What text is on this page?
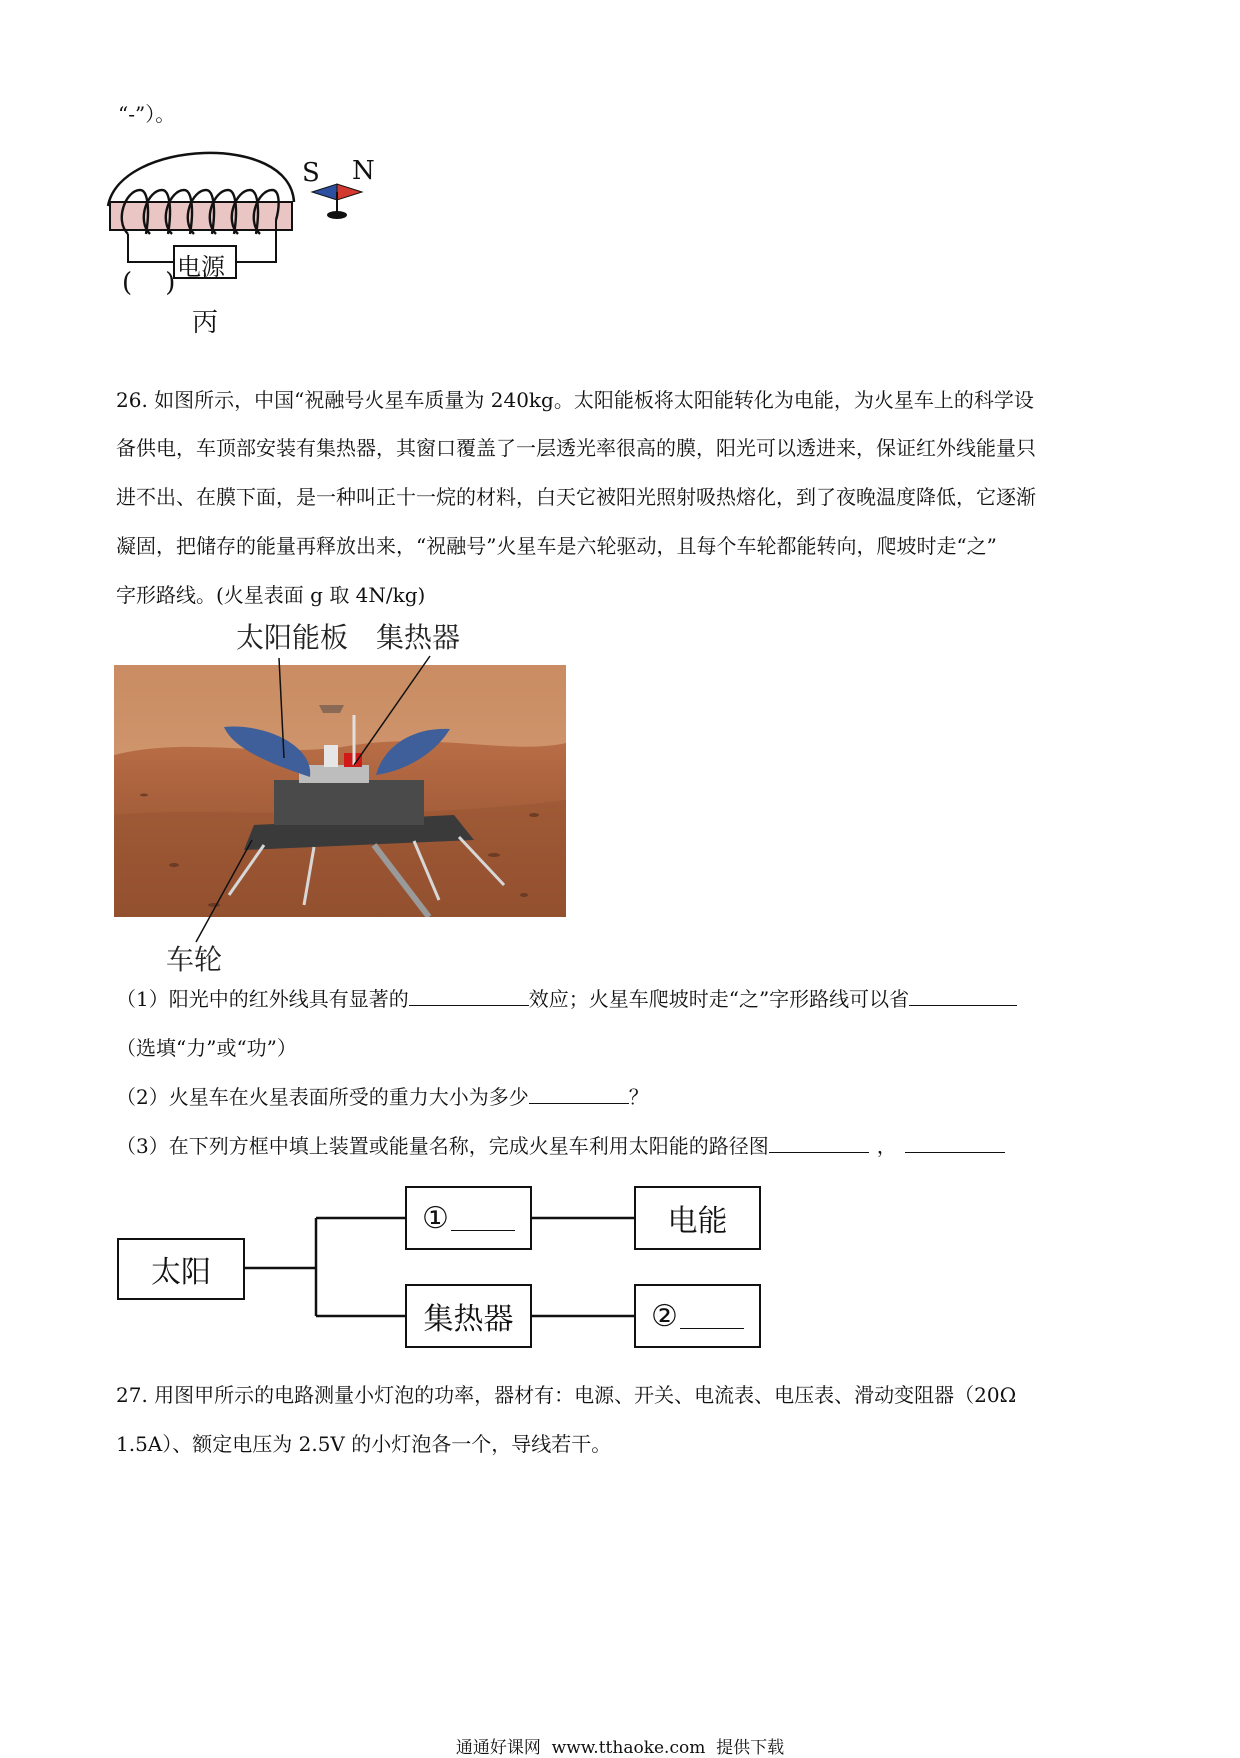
“-”）。
S N
电源
(    )
丙
26. 如图所示，中国“祝融号火星车质量为 240kg。太阳能板将太阳能转化为电能，为火星车上的科学设
备供电，车顶部安装有集热器，其窗口覆盖了一层透光率很高的膜，阳光可以透进来，保证红外线能量只
进不出、在膜下面，是一种叫正十一烷的材料，白天它被阳光照射吸热熔化，到了夜晚温度降低，它逐渐
凝固，把储存的能量再释放出来，“祝融号”火星车是六轮驱动，且每个车轮都能转向，爬坡时走“之”
字形路线。(火星表面 g 取 4N/kg)
太阳能板 集热器
车轮
（1）阳光中的红外线具有显著的	效应；火星车爬坡时走“之”字形路线可以省
（选填“力”或“功”）
（2）火星车在火星表面所受的重力大小为多少	？
（3）在下列方框中填上装置或能量名称，完成火星车利用太阳能的路径图	，
太阳
①	电能
集热器	②
27. 用图甲所示的电路测量小灯泡的功率，器材有：电源、开关、电流表、电压表、滑动变阻器（20Ω
1.5A）、额定电压为 2.5V 的小灯泡各一个，导线若干。
通通好课网  www.tthaoke.com  提供下载
